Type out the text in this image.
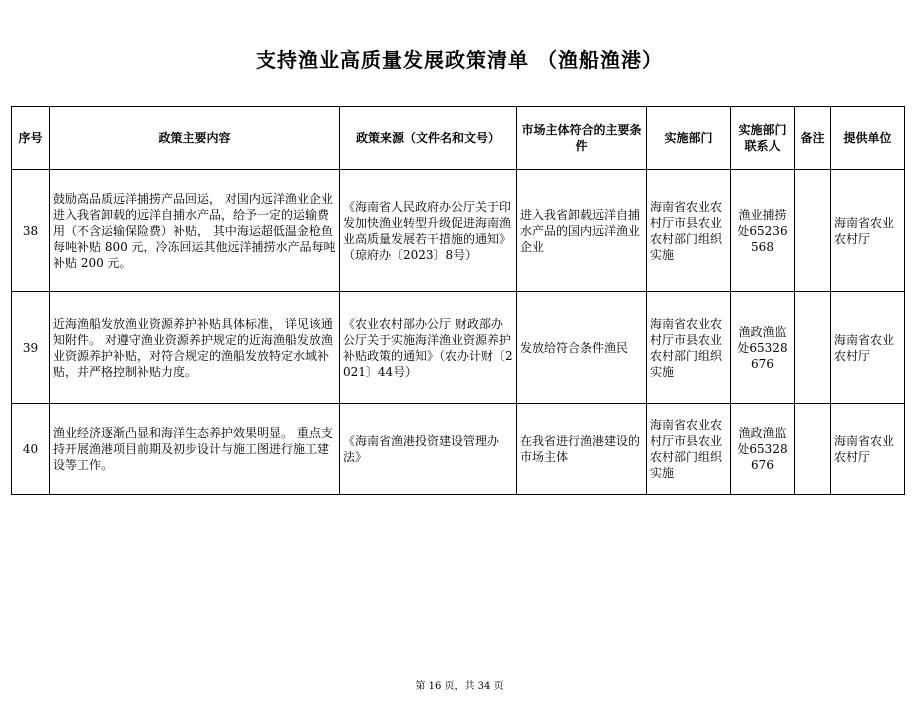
支持渔业高质量发展政策清单 （渔船渔港）
序号	政策主要内容	政策来源（文件名和文号）	市场主体符合的主要条件	实施部门	实施部门联系人	备注	提供单位
38	鼓励高品质远洋捕捞产品回运， 对国内远洋渔业企业进入我省卸载的远洋自捕水产品，给予一定的运输费用（不含运输保险费）补贴， 其中海运超低温金枪鱼每吨补贴 800 元，冷冻回运其他远洋捕捞水产品每吨补贴 200 元。	《海南省人民政府办公厅关于印发加快渔业转型升级促进海南渔业高质量发展若干措施的通知》（琼府办〔2023〕8号）	进入我省卸载远洋自捕水产品的国内远洋渔业企业	海南省农业农村厅市县农业农村部门组织实施	渔业捕捞处65236568		海南省农业农村厅
39	近海渔船发放渔业资源养护补贴具体标准， 详见该通知附件。 对遵守渔业资源养护规定的近海渔船发放渔业资源养护补贴，对符合规定的渔船发放特定水域补贴，并严格控制补贴力度。	《农业农村部办公厅 财政部办公厅关于实施海洋渔业资源养护补贴政策的通知》（农办计财〔2021〕44号）	发放给符合条件渔民	海南省农业农村厅市县农业农村部门组织实施	渔政渔监处65328676		海南省农业农村厅
40	渔业经济逐渐凸显和海洋生态养护效果明显。 重点支持开展渔港项目前期及初步设计与施工图进行施工建设等工作。	《海南省渔港投资建设管理办法》	在我省进行渔港建设的市场主体	海南省农业农村厅市县农业农村部门组织实施	渔政渔监处65328676		海南省农业农村厅
第 16 页，共 34 页
